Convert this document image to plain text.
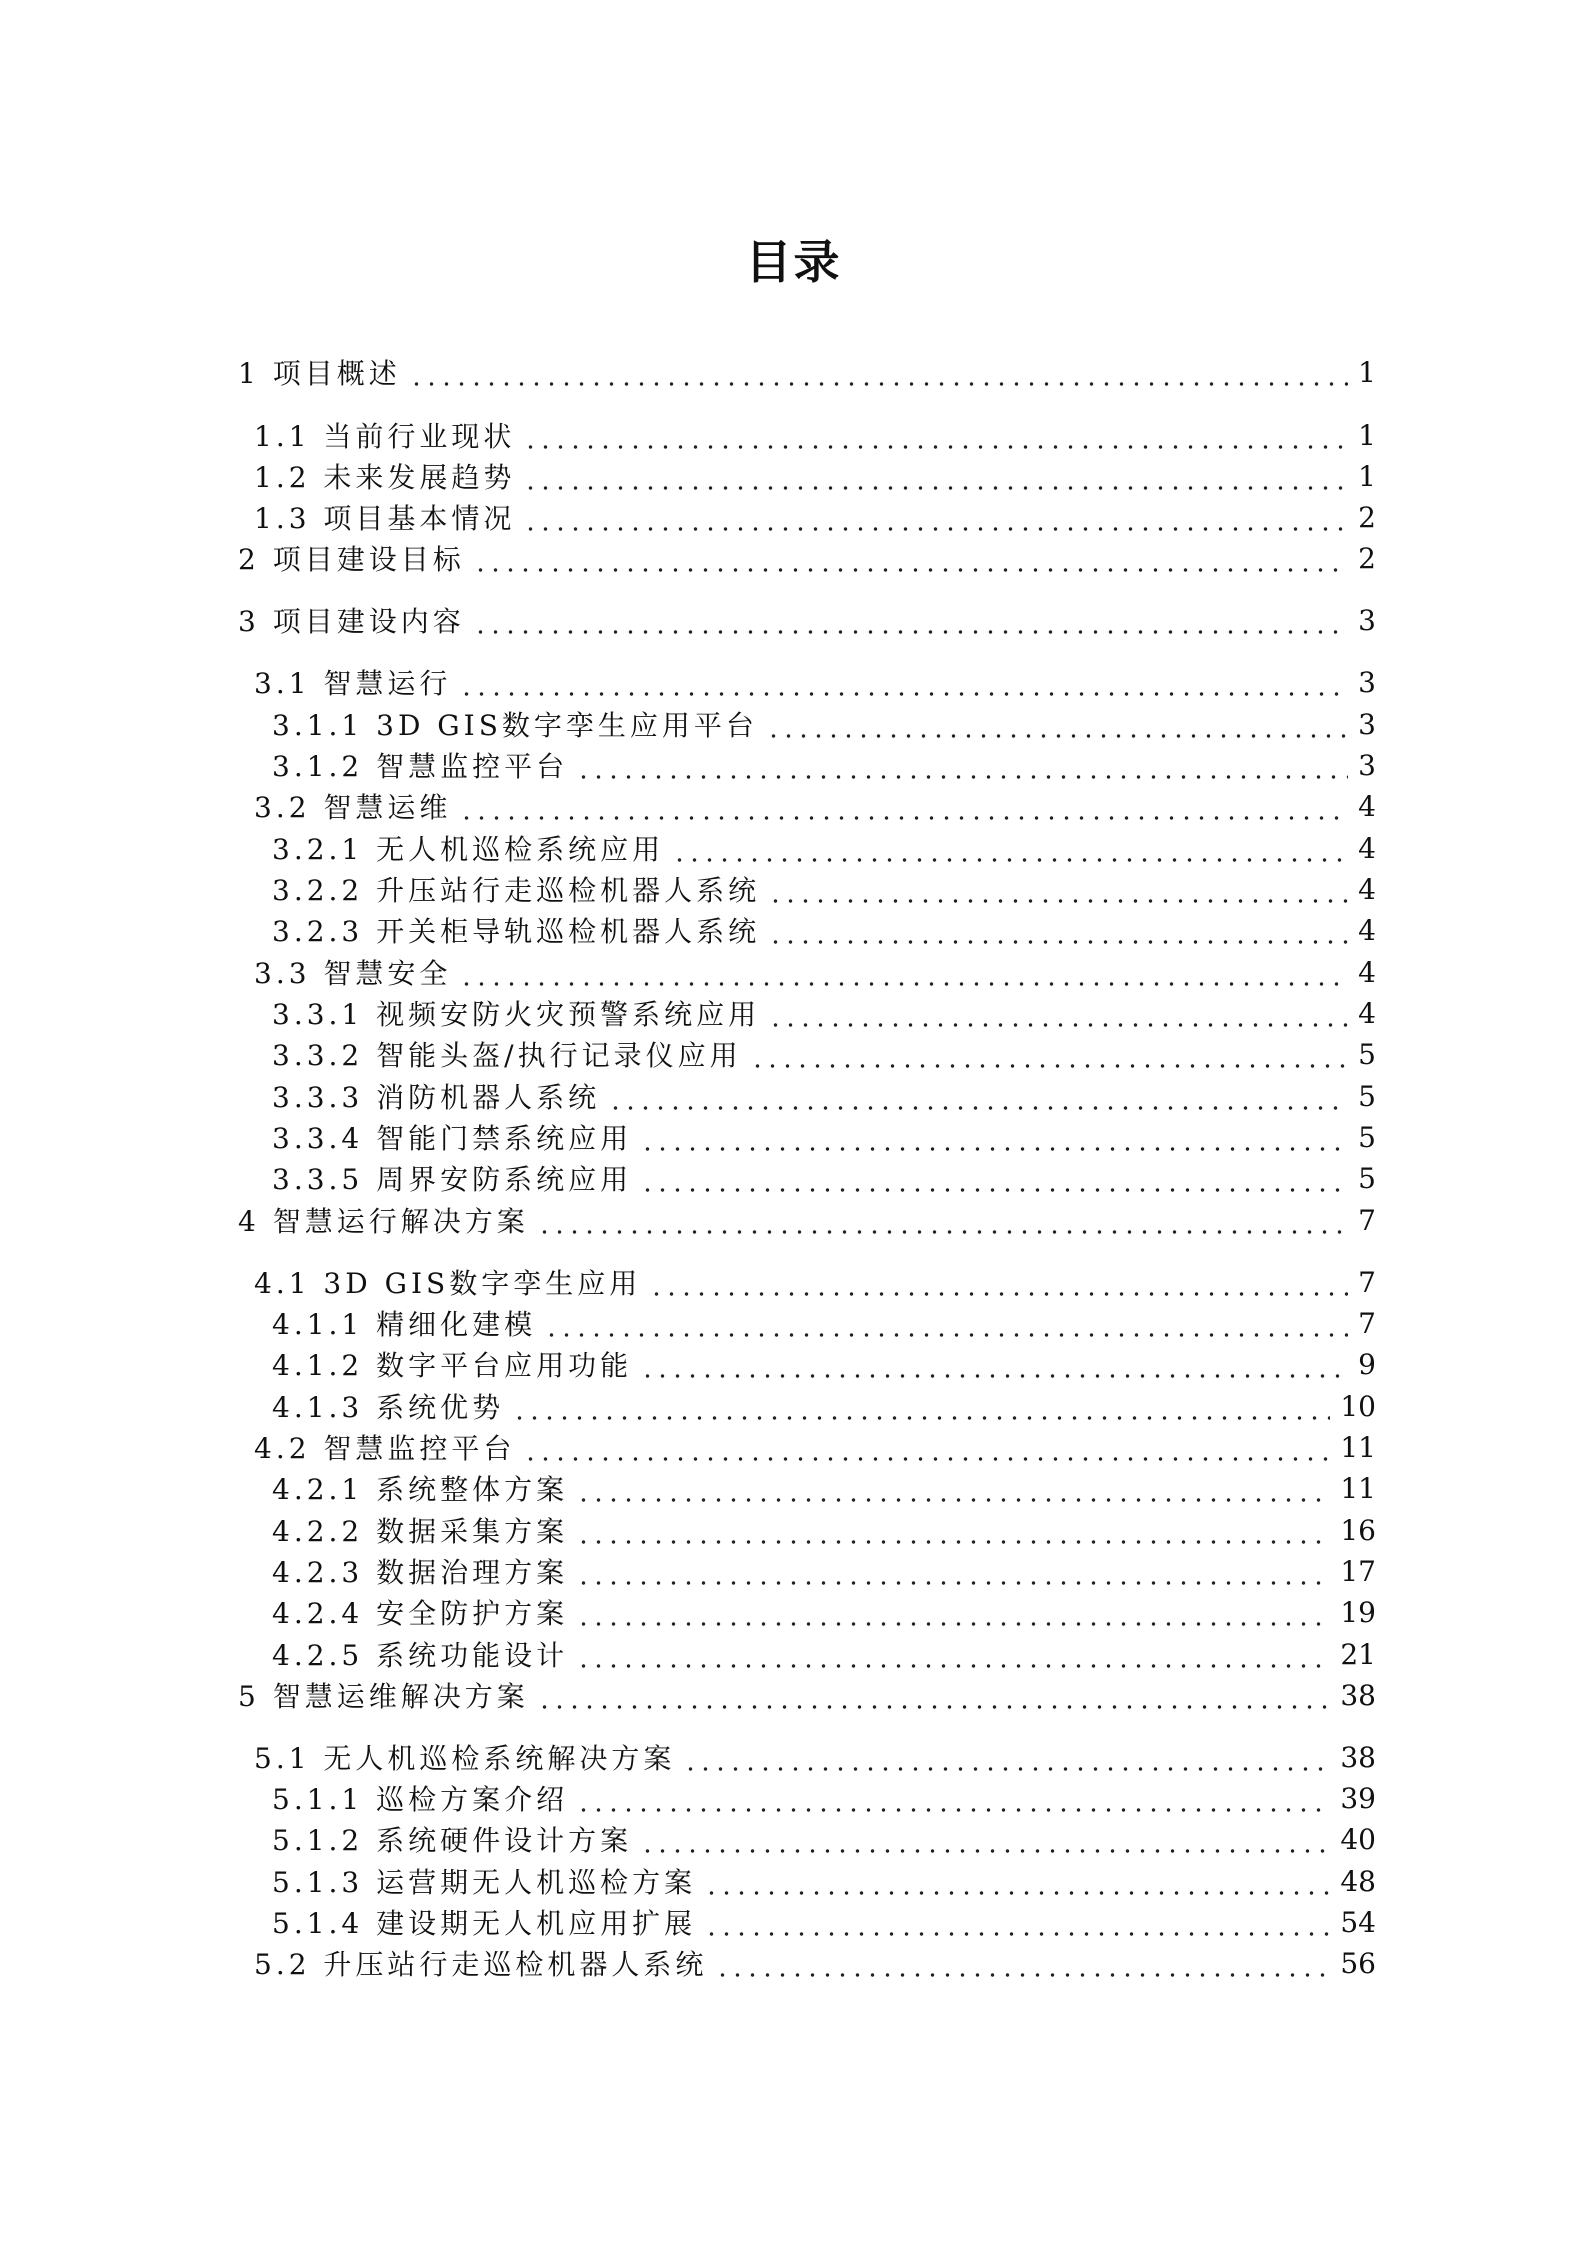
目录
1 项目概述	1
1.1 当前行业现状	1
1.2 未来发展趋势	1
1.3 项目基本情况	2
2 项目建设目标	2
3 项目建设内容	3
3.1 智慧运行	3
3.1.1 3D GIS数字孪生应用平台	3
3.1.2 智慧监控平台	3
3.2 智慧运维	4
3.2.1 无人机巡检系统应用	4
3.2.2 升压站行走巡检机器人系统	4
3.2.3 开关柜导轨巡检机器人系统	4
3.3 智慧安全	4
3.3.1 视频安防火灾预警系统应用	4
3.3.2 智能头盔/执行记录仪应用	5
3.3.3 消防机器人系统	5
3.3.4 智能门禁系统应用	5
3.3.5 周界安防系统应用	5
4 智慧运行解决方案	7
4.1 3D GIS数字孪生应用	7
4.1.1 精细化建模	7
4.1.2 数字平台应用功能	9
4.1.3 系统优势	10
4.2 智慧监控平台	11
4.2.1 系统整体方案	11
4.2.2 数据采集方案	16
4.2.3 数据治理方案	17
4.2.4 安全防护方案	19
4.2.5 系统功能设计	21
5 智慧运维解决方案	38
5.1 无人机巡检系统解决方案	38
5.1.1 巡检方案介绍	39
5.1.2 系统硬件设计方案	40
5.1.3 运营期无人机巡检方案	48
5.1.4 建设期无人机应用扩展	54
5.2 升压站行走巡检机器人系统	56
